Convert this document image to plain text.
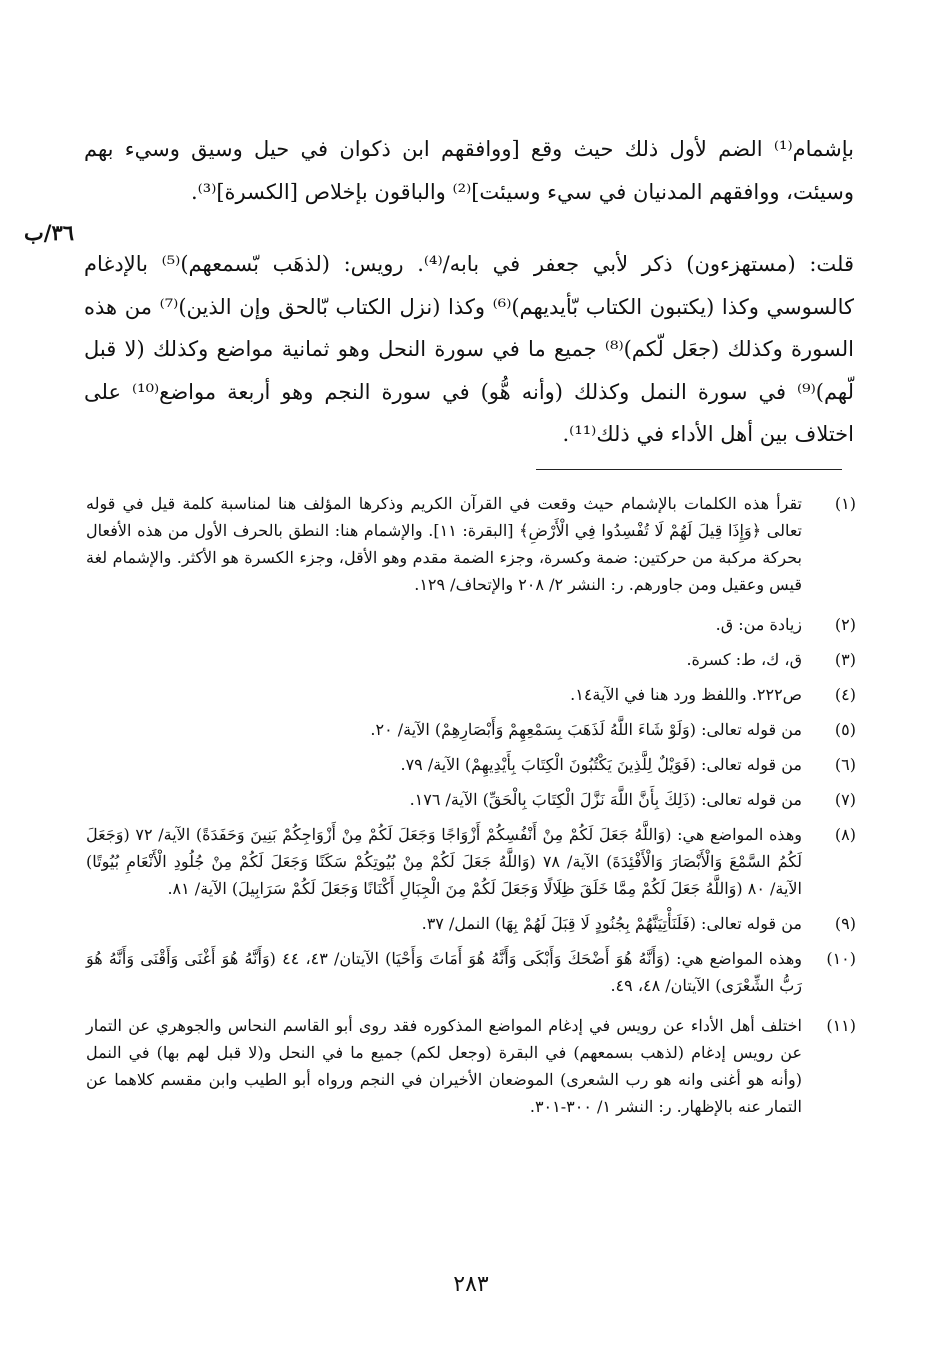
بإشمام⁽¹⁾ الضم لأول ذلك حيث وقع [ووافقهم ابن ذكوان في حيل وسيق وسيء بهم وسيئت، ووافقهم المدنيان في سيء وسيئت]⁽²⁾ والباقون بإخلاص [الكسرة]⁽³⁾.

قلت: (مستهزءون) ذكر لأبي جعفر في بابه/⁽⁴⁾. رويس: (لذهَب بّسمعهم)⁽⁵⁾ بالإدغام كالسوسي وكذا (يكتبون الكتاب بّأيديهم)⁽⁶⁾ وكذا (نزل الكتاب بّالحق وإن الذين)⁽⁷⁾ من هذه السورة وكذلك (جعَل لّكم)⁽⁸⁾ جميع ما في سورة النحل وهو ثمانية مواضع وكذلك (لا قبل لّهم)⁽⁹⁾ في سورة النمل وكذلك (وأنه هُّو) في سورة النجم وهو أربعة مواضع⁽¹⁰⁾ على اختلاف بين أهل الأداء في ذلك⁽¹¹⁾.

٣٦/ب
(١)
تقرأ هذه الكلمات بالإشمام حيث وقعت في القرآن الكريم وذكرها المؤلف هنا لمناسبة كلمة قيل في قوله تعالى ﴿وَإِذَا قِيلَ لَهُمْ لَا تُفْسِدُوا فِي الْأَرْضِ﴾ [البقرة: ١١]. والإشمام هنا: النطق بالحرف الأول من هذه الأفعال بحركة مركبة من حركتين: ضمة وكسرة، وجزء الضمة مقدم وهو الأقل، وجزء الكسرة هو الأكثر. والإشمام لغة قيس وعقيل ومن جاورهم. ر: النشر ٢/ ٢٠٨ والإتحاف/ ١٢٩.
(٢)
زيادة من: ق.
(٣)
ق، ك، ط: كسرة.
(٤)
ص٢٢٢. واللفظ ورد هنا في الآية١٤.
(٥)
من قوله تعالى: (وَلَوْ شَاءَ اللَّهُ لَذَهَبَ بِسَمْعِهِمْ وَأَبْصَارِهِمْ) الآية/ ٢٠.
(٦)
من قوله تعالى: (فَوَيْلٌ لِلَّذِينَ يَكْتُبُونَ الْكِتَابَ بِأَيْدِيهِمْ) الآية/ ٧٩.
(٧)
من قوله تعالى: (ذَلِكَ بِأَنَّ اللَّهَ نَزَّلَ الْكِتَابَ بِالْحَقِّ) الآية/ ١٧٦.
(٨)
وهذه المواضع هي: (وَاللَّهُ جَعَلَ لَكُمْ مِنْ أَنْفُسِكُمْ أَزْوَاجًا وَجَعَلَ لَكُمْ مِنْ أَزْوَاجِكُمْ بَنِينَ وَحَفَدَةً) الآية/ ٧٢ (وَجَعَلَ لَكُمُ السَّمْعَ وَالْأَبْصَارَ وَالْأَفْئِدَةَ) الآية/ ٧٨ (وَاللَّهُ جَعَلَ لَكُمْ مِنْ بُيُوتِكُمْ سَكَنًا وَجَعَلَ لَكُمْ مِنْ جُلُودِ الْأَنْعَامِ بُيُوتًا) الآية/ ٨٠ (وَاللَّهُ جَعَلَ لَكُمْ مِمَّا خَلَقَ ظِلَالًا وَجَعَلَ لَكُمْ مِنَ الْجِبَالِ أَكْنَانًا وَجَعَلَ لَكُمْ سَرَابِيلَ) الآية/ ٨١.
(٩)
من قوله تعالى: (فَلَنَأْتِيَنَّهُمْ بِجُنُودٍ لَا قِبَلَ لَهُمْ بِهَا) النمل/ ٣٧.
(١٠)
وهذه المواضع هي: (وَأَنَّهُ هُوَ أَضْحَكَ وَأَبْكَى وَأَنَّهُ هُوَ أَمَاتَ وَأَحْيَا) الآيتان/ ٤٣، ٤٤ (وَأَنَّهُ هُوَ أَغْنَى وَأَقْنَى وَأَنَّهُ هُوَ رَبُّ الشِّعْرَى) الآيتان/ ٤٨، ٤٩.
(١١)
اختلف أهل الأداء عن رويس في إدغام المواضع المذكوره فقد روى أبو القاسم النحاس والجوهري عن التمار عن رويس إدغام (لذهب بسمعهم) في البقرة (وجعل لكم) جميع ما في النحل و(لا قبل لهم بها) في النمل (وأنه هو أغنى وانه هو رب الشعرى) الموضعان الأخيران في النجم ورواه أبو الطيب وابن مقسم كلاهما عن التمار عنه بالإظهار. ر: النشر ١/ ٣٠٠-٣٠١.
٢٨٣
